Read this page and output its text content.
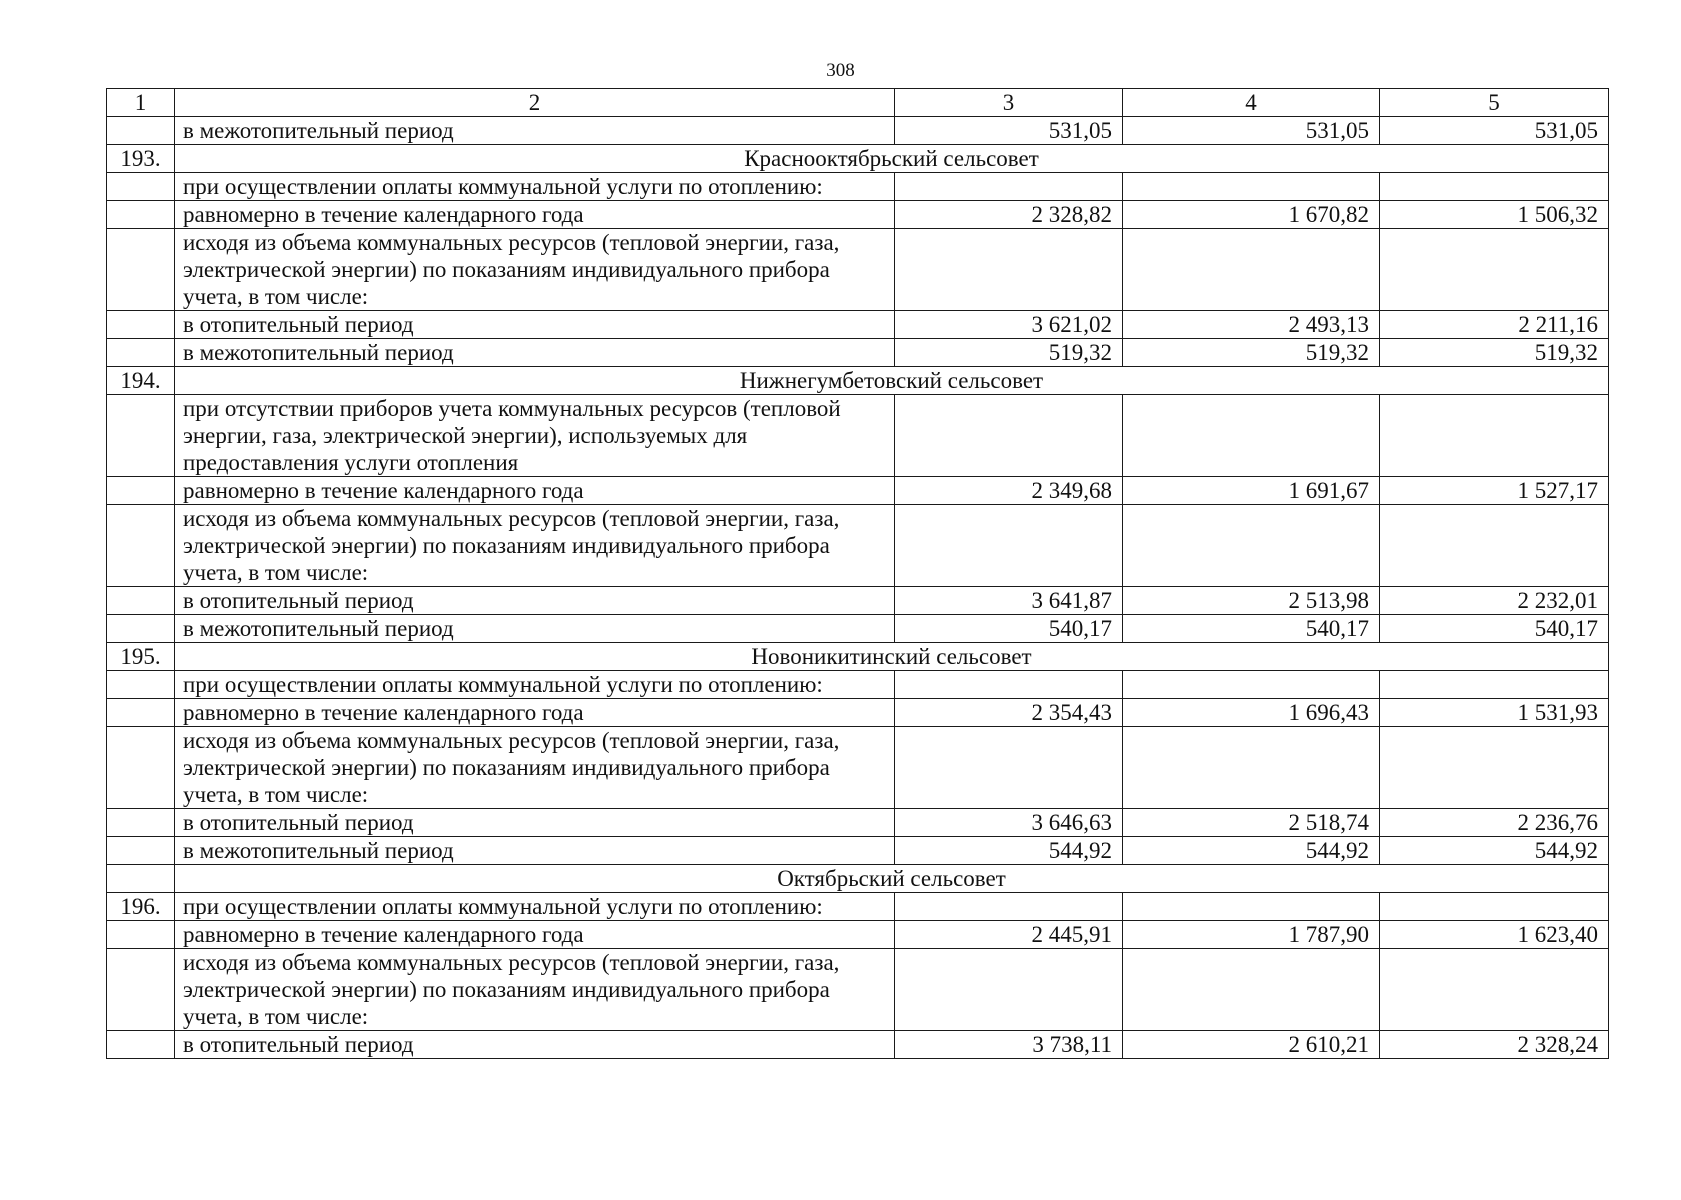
308
1	2	3	4	5
	в межотопительный период	531,05	531,05	531,05
193.	Краснооктябрьский сельсовет			
	при осуществлении оплаты коммунальной услуги по отоплению:			
	равномерно в течение календарного года	2 328,82	1 670,82	1 506,32
	исходя из объема коммунальных ресурсов (тепловой энергии, газа, электрической энергии) по показаниям индивидуального прибора учета, в том числе:			
	в отопительный период	3 621,02	2 493,13	2 211,16
	в межотопительный период	519,32	519,32	519,32
194.	Нижнегумбетовский сельсовет			
	при отсутствии приборов учета коммунальных ресурсов (тепловой энергии, газа, электрической энергии), используемых для предоставления услуги отопления			
	равномерно в течение календарного года	2 349,68	1 691,67	1 527,17
	исходя из объема коммунальных ресурсов (тепловой энергии, газа, электрической энергии) по показаниям индивидуального прибора учета, в том числе:			
	в отопительный период	3 641,87	2 513,98	2 232,01
	в межотопительный период	540,17	540,17	540,17
195.	Новоникитинский сельсовет			
	при осуществлении оплаты коммунальной услуги по отоплению:			
	равномерно в течение календарного года	2 354,43	1 696,43	1 531,93
	исходя из объема коммунальных ресурсов (тепловой энергии, газа, электрической энергии) по показаниям индивидуального прибора учета, в том числе:			
	в отопительный период	3 646,63	2 518,74	2 236,76
	в межотопительный период	544,92	544,92	544,92
	Октябрьский сельсовет			
196.	при осуществлении оплаты коммунальной услуги по отоплению:			
	равномерно в течение календарного года	2 445,91	1 787,90	1 623,40
	исходя из объема коммунальных ресурсов (тепловой энергии, газа, электрической энергии) по показаниям индивидуального прибора учета, в том числе:			
	в отопительный период	3 738,11	2 610,21	2 328,24
